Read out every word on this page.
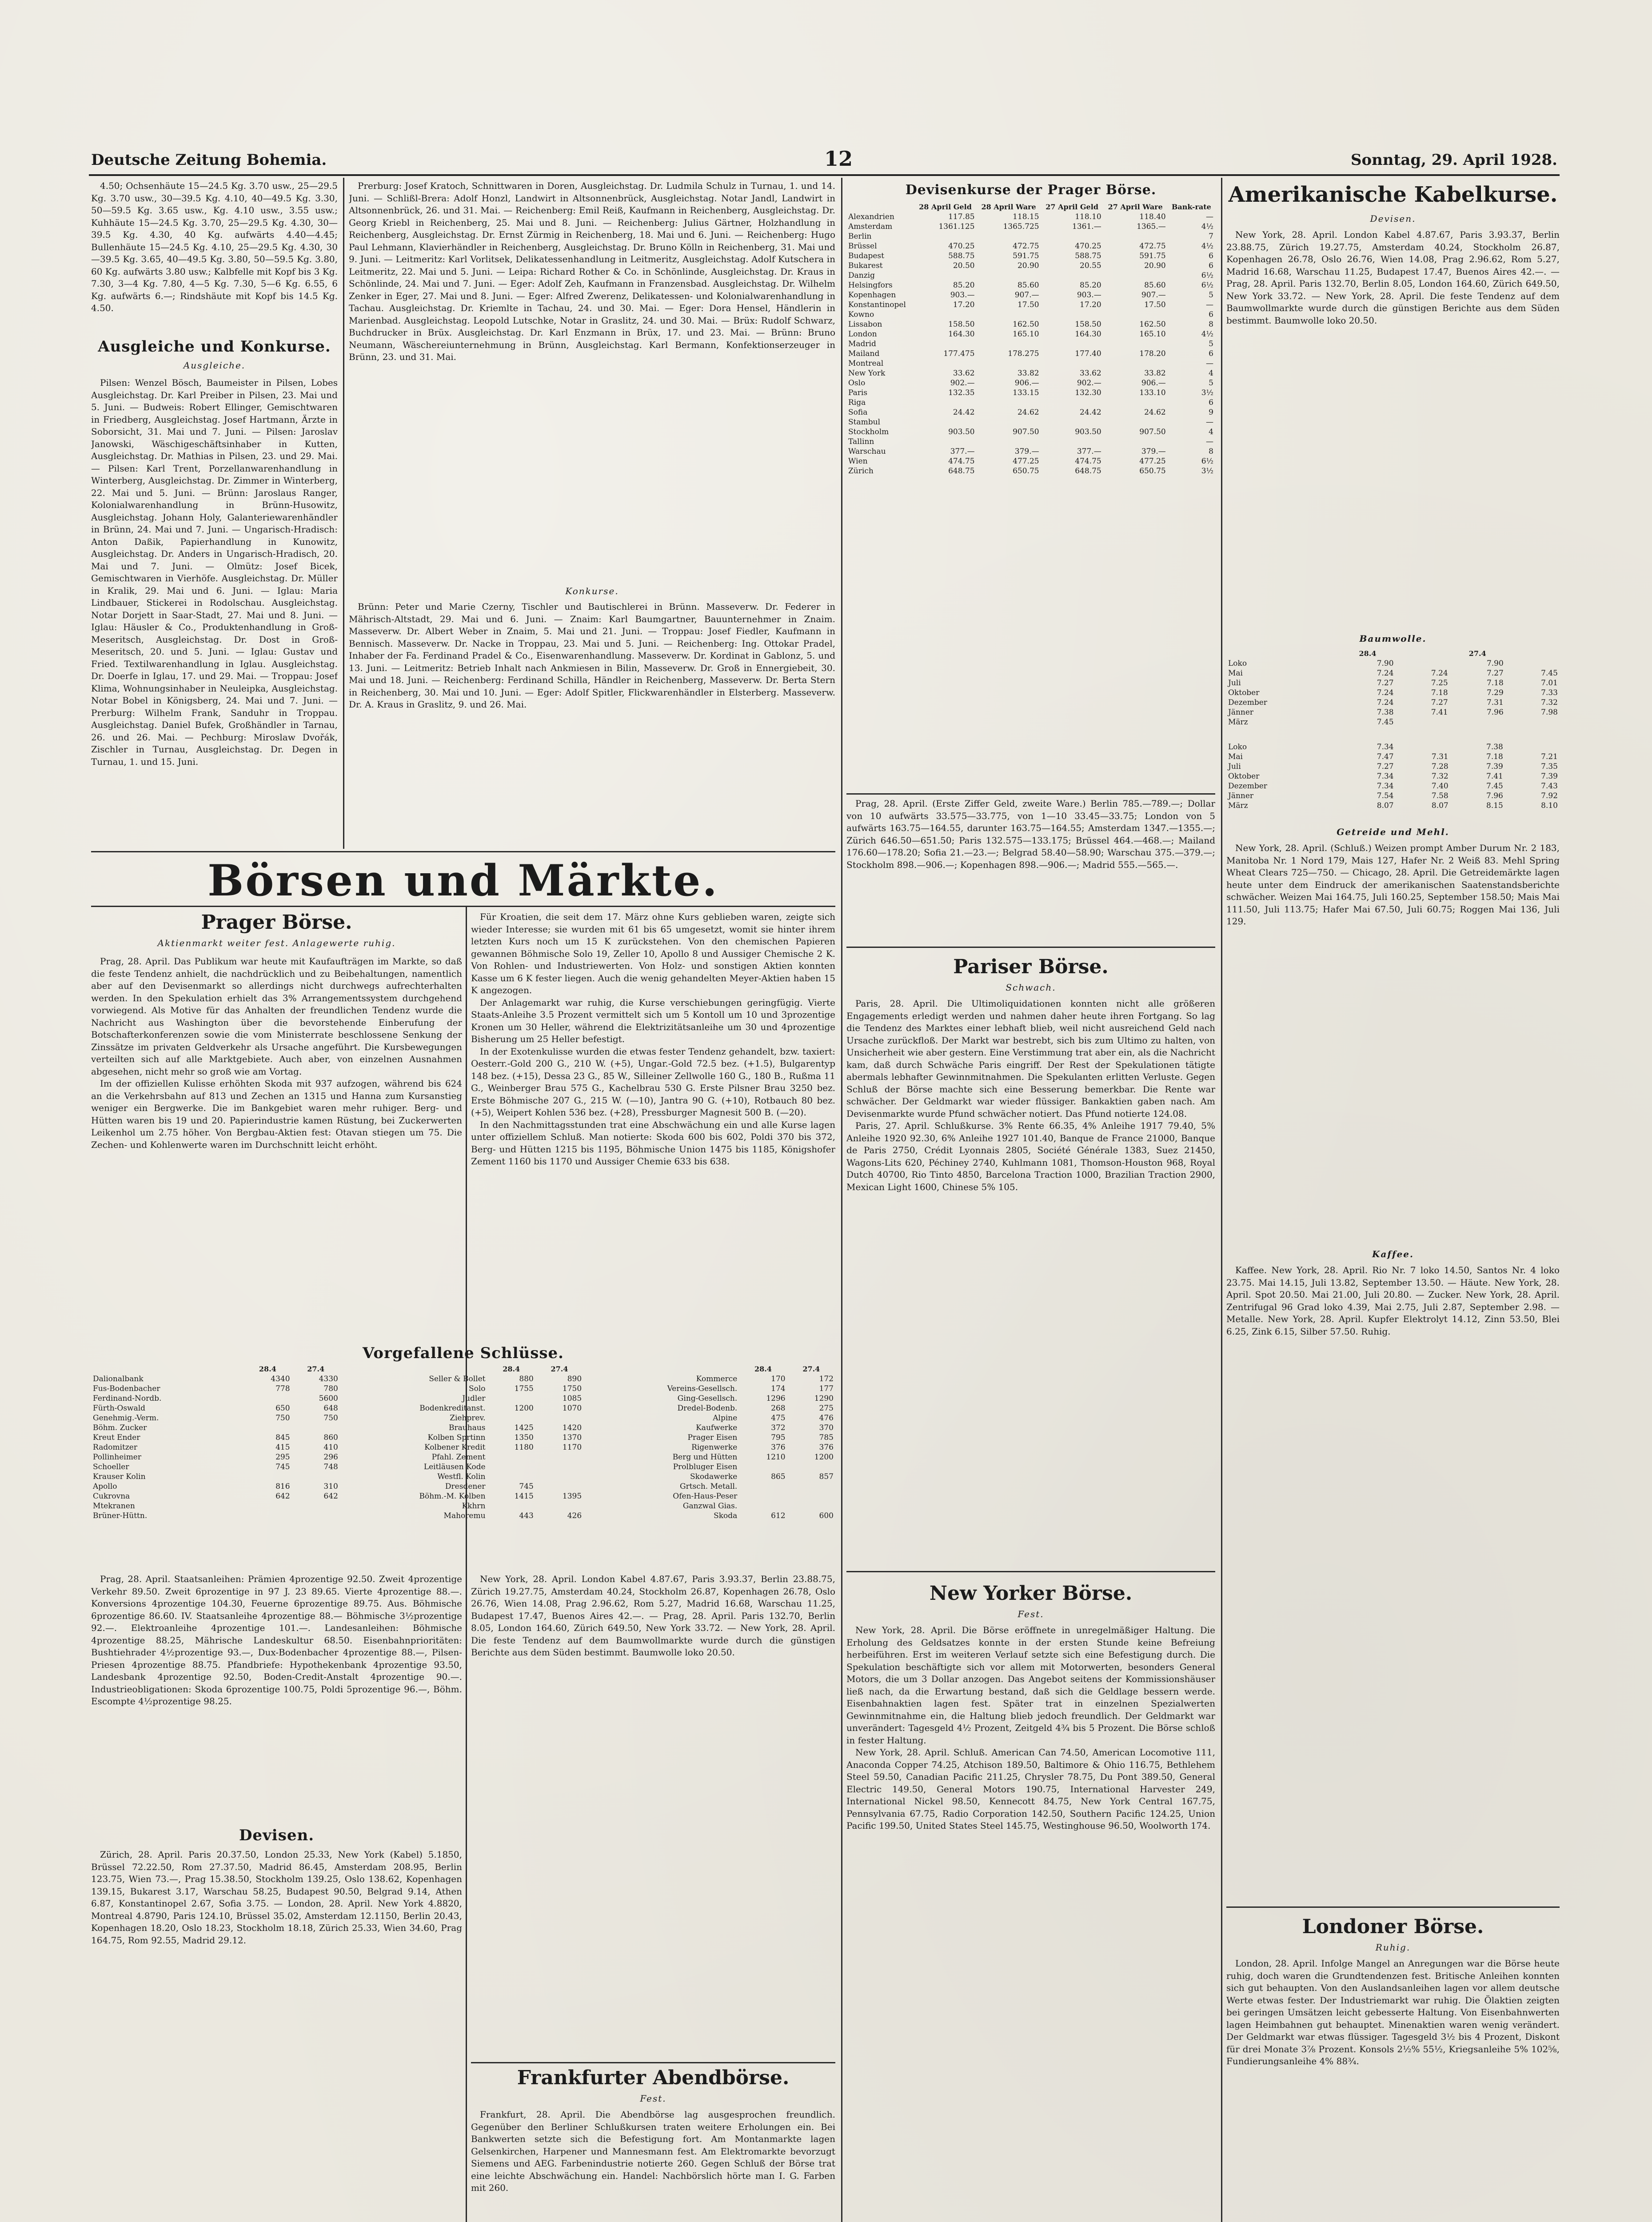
Deutsche Zeitung Bohemia.	12	Sonntag, 29. April 1928.

4.50; Ochsenhäute 15—24.5 Kg. 3.70 usw., 25—29.5 Kg. 3.70 usw., 30—39.5 Kg. 4.10, 40—49.5 Kg. 3.30, 50—59.5 Kg. 3.65 usw., Kg. 4.10 usw., 3.55 usw.; Kuhhäute 15—24.5 Kg. 3.70, 25—29.5 Kg. 4.30, 30—39.5 Kg. 4.30, 40 Kg. aufwärts 4.40—4.45; Bullenhäute 15—24.5 Kg. 4.10, 25—29.5 Kg. 4.30, 30—39.5 Kg. 3.65, 40—49.5 Kg. 3.80, 50—59.5 Kg. 3.80, 60 Kg. aufwärts 3.80 usw.; Kalbfelle mit Kopf bis 3 Kg. 7.30, 3—4 Kg. 7.80, 4—5 Kg. 7.30, 5—6 Kg. 6.55, 6 Kg. aufwärts 6.—; Rindshäute mit Kopf bis 14.5 Kg. 4.50.

Ausgleiche und Konkurse.
Ausgleiche.

Pilsen: Wenzel Bösch, Baumeister in Pilsen, Lobes Ausgleichstag. Dr. Karl Preiber in Pilsen, 23. Mai und 5. Juni. — Budweis: Robert Ellinger, Gemischtwaren in Friedberg, Ausgleichstag. Josef Hartmann, Ärzte in Soborsicht, 31. Mai und 7. Juni. — Pilsen: Jaroslav Janowski, Wäschigeschäftsinhaber in Kutten, Ausgleichstag. Dr. Mathias in Pilsen, 23. und 29. Mai. — Pilsen: Karl Trent, Porzellanwarenhandlung in Winterberg, Ausgleichstag. Dr. Zimmer in Winterberg, 22. Mai und 5. Juni. — Brünn: Jaroslaus Ranger, Kolonialwarenhandlung in Brünn-Husowitz, Ausgleichstag. Johann Holy, Galanteriewarenhändler in Brünn, 24. Mai und 7. Juni. — Ungarisch-Hradisch: Anton Daßik, Papierhandlung in Kunowitz, Ausgleichstag. Dr. Anders in Ungarisch-Hradisch, 20. Mai und 7. Juni. — Olmütz: Josef Bicek, Gemischtwaren in Vierhöfe. Ausgleichstag. Dr. Müller in Kralik, 29. Mai und 6. Juni. — Iglau: Maria Lindbauer, Stickerei in Rodolschau. Ausgleichstag. Notar Dorjett in Saar-Stadt, 27. Mai und 8. Juni. — Iglau: Häusler & Co., Produktenhandlung in Groß-Meseritsch, Ausgleichstag. Dr. Dost in Groß-Meseritsch, 20. und 5. Juni. — Iglau: Gustav und Fried. Textilwarenhandlung in Iglau. Ausgleichstag. Dr. Doerfe in Iglau, 17. und 29. Mai. — Troppau: Josef Klima, Wohnungsinhaber in Neuleipka, Ausgleichstag. Notar Bobel in Königsberg, 24. Mai und 7. Juni. — Prerburg: Wilhelm Frank, Sanduhr in Troppau. Ausgleichstag. Daniel Bufek, Großhändler in Tarnau, 26. und 26. Mai. — Pechburg: Miroslaw Dvořák, Zischler in Turnau, Ausgleichstag. Dr. Degen in Turnau, 1. und 15. Juni.

Prerburg: Josef Kratoch, Schnittwaren in Doren, Ausgleichstag. Dr. Ludmila Schulz in Turnau, 1. und 14. Juni. — Schlißl-Brera: Adolf Honzl, Landwirt in Altsonnenbrück, Ausgleichstag. Notar Jandl, Landwirt in Altsonnenbrück, 26. und 31. Mai. — Reichenberg: Emil Reiß, Kaufmann in Reichenberg, Ausgleichstag. Dr. Georg Kriebl in Reichenberg, 25. Mai und 8. Juni. — Reichenberg: Julius Gärtner, Holzhandlung in Reichenberg, Ausgleichstag. Dr. Ernst Zürmig in Reichenberg, 18. Mai und 6. Juni. — Reichenberg: Hugo Paul Lehmann, Klavierhändler in Reichenberg, Ausgleichstag. Dr. Bruno Kölln in Reichenberg, 31. Mai und 9. Juni. — Leitmeritz: Karl Vorlitsek, Delikatessenhandlung in Leitmeritz, Ausgleichstag. Adolf Kutschera in Leitmeritz, 22. Mai und 5. Juni. — Leipa: Richard Rother & Co. in Schönlinde, Ausgleichstag. Dr. Kraus in Schönlinde, 24. Mai und 7. Juni. — Eger: Adolf Zeh, Kaufmann in Franzensbad. Ausgleichstag. Dr. Wilhelm Zenker in Eger, 27. Mai und 8. Juni. — Eger: Alfred Zwerenz, Delikatessen- und Kolonialwarenhandlung in Tachau. Ausgleichstag. Dr. Kriemlte in Tachau, 24. und 30. Mai. — Eger: Dora Hensel, Händlerin in Marienbad. Ausgleichstag. Leopold Lutschke, Notar in Graslitz, 24. und 30. Mai. — Brüx: Rudolf Schwarz, Buchdrucker in Brüx. Ausgleichstag. Dr. Karl Enzmann in Brüx, 17. und 23. Mai. — Brünn: Bruno Neumann, Wäschereiunternehmung in Brünn, Ausgleichstag. Karl Bermann, Konfektionserzeuger in Brünn, 23. und 31. Mai.

Konkurse.

Brünn: Peter und Marie Czerny, Tischler und Bautischlerei in Brünn. Masseverw. Dr. Federer in Mährisch-Altstadt, 29. Mai und 6. Juni. — Znaim: Karl Baumgartner, Bauunternehmer in Znaim. Masseverw. Dr. Albert Weber in Znaim, 5. Mai und 21. Juni. — Troppau: Josef Fiedler, Kaufmann in Bennisch. Masseverw. Dr. Nacke in Troppau, 23. Mai und 5. Juni. — Reichenberg: Ing. Ottokar Pradel, Inhaber der Fa. Ferdinand Pradel & Co., Eisenwarenhandlung. Masseverw. Dr. Kordinat in Gablonz, 5. und 13. Juni. — Leitmeritz: Betrieb Inhalt nach Ankmiesen in Bilin, Masseverw. Dr. Groß in Ennergiebeit, 30. Mai und 18. Juni. — Reichenberg: Ferdinand Schilla, Händler in Reichenberg, Masseverw. Dr. Berta Stern in Reichenberg, 30. Mai und 10. Juni. — Eger: Adolf Spitler, Flickwarenhändler in Elsterberg. Masseverw. Dr. A. Kraus in Graslitz, 9. und 26. Mai.

Börsen und Märkte.
Prager Börse.
Aktienmarkt weiter fest. Anlagewerte ruhig.

Prag, 28. April. Das Publikum war heute mit Kaufaufträgen im Markte, so daß die feste Tendenz anhielt, die nachdrücklich und zu Beibehaltungen, namentlich aber auf den Devisenmarkt so allerdings nicht durchwegs aufrechterhalten werden. In den Spekulation erhielt das 3% Arrangementssystem durchgehend vorwiegend. Als Motive für das Anhalten der freundlichen Tendenz wurde die Nachricht aus Washington über die bevorstehende Einberufung der Botschafterkonferenzen sowie die vom Ministerrate beschlossene Senkung der Zinssätze im privaten Geldverkehr als Ursache angeführt. Die Kursbewegungen verteilten sich auf alle Marktgebiete. Auch aber, von einzelnen Ausnahmen abgesehen, nicht mehr so groß wie am Vortag.

Im der offiziellen Kulisse erhöhten Skoda mit 937 aufzogen, während bis 624 an die Verkehrsbahn auf 813 und Zechen an 1315 und Hanna zum Kursanstieg weniger ein Bergwerke. Die im Bankgebiet waren mehr ruhiger. Berg- und Hütten waren bis 19 und 20. Papierindustrie kamen Rüstung, bei Zuckerwerten Leikenhol um 2.75 höher. Von Bergbau-Aktien fest: Otavan stiegen um 75. Die Zechen- und Kohlenwerte waren im Durchschnitt leicht erhöht.

Für Kroatien, die seit dem 17. März ohne Kurs geblieben waren, zeigte sich wieder Interesse; sie wurden mit 61 bis 65 umgesetzt, womit sie hinter ihrem letzten Kurs noch um 15 K zurückstehen. Von den chemischen Papieren gewannen Böhmische Solo 19, Zeller 10, Apollo 8 und Aussiger Chemische 2 K. Von Rohlen- und Industriewerten. Von Holz- und sonstigen Aktien konnten Kasse um 6 K fester liegen. Auch die wenig gehandelten Meyer-Aktien haben 15 K angezogen.

Der Anlagemarkt war ruhig, die Kurse verschiebungen geringfügig. Vierte Staats-Anleihe 3.5 Prozent vermittelt sich um 5 Kontoll um 10 und 3prozentige Kronen um 30 Heller, während die Elektrizitätsanleihe um 30 und 4prozentige Bisherung um 25 Heller befestigt.

In der Exotenkulisse wurden die etwas fester Tendenz gehandelt, bzw. taxiert: Oesterr.-Gold 200 G., 210 W. (+5), Ungar.-Gold 72.5 bez. (+1.5), Bulgarentyp 148 bez. (+15), Dessa 23 G., 85 W., Silleiner Zellwolle 160 G., 180 B., Rußma 11 G., Weinberger Brau 575 G., Kachelbrau 530 G. Erste Pilsner Brau 3250 bez. Erste Böhmische 207 G., 215 W. (—10), Jantra 90 G. (+10), Rotbauch 80 bez. (+5), Weipert Kohlen 536 bez. (+28), Pressburger Magnesit 500 B. (—20).

In den Nachmittagsstunden trat eine Abschwächung ein und alle Kurse lagen unter offiziellem Schluß. Man notierte: Skoda 600 bis 602, Poldi 370 bis 372, Berg- und Hütten 1215 bis 1195, Böhmische Union 1475 bis 1185, Königshofer Zement 1160 bis 1170 und Aussiger Chemie 633 bis 638.

Vorgefallene Schlüsse.
	28.4	27.4		28.4	27.4		28.4	27.4
Dalionalbank	4340	4330	Seller & Bollet	880	890	Kommerce	170	172
Fus-Bodenbacher	778	780	Solo	1755	1750	Vereins-Gesellsch.	174	177
Ferdinand-Nordb.		5600	Judler		1085	Ging-Gesellsch.	1296	1290
Fürth-Oswald	650	648	Bodenkreditanst.	1200	1070	Dredel-Bodenb.	268	275
Genehmig.-Verm.	750	750	Ziehprev.			Alpine	475	476
Böhm. Zucker			Brauhaus	1425	1420	Kaufwerke	372	370
Kreut Ender	845	860	Kolben Sprtinn	1350	1370	Prager Eisen	795	785
Radomitzer	415	410	Kolbener Kredit	1180	1170	Rigenwerke	376	376
Pollinheimer	295	296	Pfahl. Zement			Berg und Hütten	1210	1200
Schoeller	745	748	Leitläusen Kode			Prolbluger Eisen		
Krauser Kolin			Westfl. Kolin			Skodawerke	865	857
Apollo	816	310	Dresdener	745		Grtsch. Metall.		
Cukrovna	642	642	Böhm.-M. Kolben	1415	1395	Ofen-Haus-Peser		
Mtekranen			Kkhrn			Ganzwal Gias.		
Brüner-Hüttn.			Mahoremu	443	426	Skoda	612	600

Prag, 28. April. Staatsanleihen: Prämien 4prozentige 92.50. Zweit 4prozentige Verkehr 89.50. Zweit 6prozentige in 97 J. 23 89.65. Vierte 4prozentige 88.—. Konversions 4prozentige 104.30, Feuerne 6prozentige 89.75. Aus. Böhmische 6prozentige 86.60. IV. Staatsanleihe 4prozentige 88.— Böhmische 3½prozentige 92.—. Elektroanleihe 4prozentige 101.—. Landesanleihen: Böhmische 4prozentige 88.25, Mährische Landeskultur 68.50. Eisenbahnprioritäten: Bushtiehrader 4½prozentige 93.—, Dux-Bodenbacher 4prozentige 88.—, Pilsen-Priesen 4prozentige 88.75. Pfandbriefe: Hypothekenbank 4prozentige 93.50, Landesbank 4prozentige 92.50, Boden-Credit-Anstalt 4prozentige 90.—. Industrieobligationen: Skoda 6prozentige 100.75, Poldi 5prozentige 96.—, Böhm. Escompte 4½prozentige 98.25.

Devisen.

Zürich, 28. April. Paris 20.37.50, London 25.33, New York (Kabel) 5.1850, Brüssel 72.22.50, Rom 27.37.50, Madrid 86.45, Amsterdam 208.95, Berlin 123.75, Wien 73.—, Prag 15.38.50, Stockholm 139.25, Oslo 138.62, Kopenhagen 139.15, Bukarest 3.17, Warschau 58.25, Budapest 90.50, Belgrad 9.14, Athen 6.87, Konstantinopel 2.67, Sofia 3.75. — London, 28. April. New York 4.8820, Montreal 4.8790, Paris 124.10, Brüssel 35.02, Amsterdam 12.1150, Berlin 20.43, Kopenhagen 18.20, Oslo 18.23, Stockholm 18.18, Zürich 25.33, Wien 34.60, Prag 164.75, Rom 92.55, Madrid 29.12.

New York, 28. April. London Kabel 4.87.67, Paris 3.93.37, Berlin 23.88.75, Zürich 19.27.75, Amsterdam 40.24, Stockholm 26.87, Kopenhagen 26.78, Oslo 26.76, Wien 14.08, Prag 2.96.62, Rom 5.27, Madrid 16.68, Warschau 11.25, Budapest 17.47, Buenos Aires 42.—. — Prag, 28. April. Paris 132.70, Berlin 8.05, London 164.60, Zürich 649.50, New York 33.72. — New York, 28. April. Die feste Tendenz auf dem Baumwollmarkte wurde durch die günstigen Berichte aus dem Süden bestimmt. Baumwolle loko 20.50.

Frankfurter Abendbörse.
Fest.

Frankfurt, 28. April. Die Abendbörse lag ausgesprochen freundlich. Gegenüber den Berliner Schlußkursen traten weitere Erholungen ein. Bei Bankwerten setzte sich die Befestigung fort. Am Montanmarkte lagen Gelsenkirchen, Harpener und Mannesmann fest. Am Elektromarkte bevorzugt Siemens und AEG. Farbenindustrie notierte 260. Gegen Schluß der Börse trat eine leichte Abschwächung ein. Handel: Nachbörslich hörte man I. G. Farben mit 260.

Devisenkurse der Prager Börse.
	28 April Geld	28 April Ware	27 April Geld	27 April Ware	Bank-rate
Alexandrien	117.85	118.15	118.10	118.40	—
Amsterdam	1361.125	1365.725	1361.—	1365.—	4½
Berlin					7
Brüssel	470.25	472.75	470.25	472.75	4½
Budapest	588.75	591.75	588.75	591.75	6
Bukarest	20.50	20.90	20.55	20.90	6
Danzig					6½
Helsingfors	85.20	85.60	85.20	85.60	6½
Kopenhagen	903.—	907.—	903.—	907.—	5
Konstantinopel	17.20	17.50	17.20	17.50	—
Kowno					6
Lissabon	158.50	162.50	158.50	162.50	8
London	164.30	165.10	164.30	165.10	4½
Madrid					5
Mailand	177.475	178.275	177.40	178.20	6
Montreal					—
New York	33.62	33.82	33.62	33.82	4
Oslo	902.—	906.—	902.—	906.—	5
Paris	132.35	133.15	132.30	133.10	3½
Riga					6
Sofia	24.42	24.62	24.42	24.62	9
Stambul					—
Stockholm	903.50	907.50	903.50	907.50	4
Tallinn					—
Warschau	377.—	379.—	377.—	379.—	8
Wien	474.75	477.25	474.75	477.25	6½
Zürich	648.75	650.75	648.75	650.75	3½

Prag, 28. April. (Erste Ziffer Geld, zweite Ware.) Berlin 785.—789.—; Dollar von 10 aufwärts 33.575—33.775, von 1—10 33.45—33.75; London von 5 aufwärts 163.75—164.55, darunter 163.75—164.55; Amsterdam 1347.—1355.—; Zürich 646.50—651.50; Paris 132.575—133.175; Brüssel 464.—468.—; Mailand 176.60—178.20; Sofia 21.—23.—; Belgrad 58.40—58.90; Warschau 375.—379.—; Stockholm 898.—906.—; Kopenhagen 898.—906.—; Madrid 555.—565.—.

Pariser Börse.
Schwach.

Paris, 28. April. Die Ultimoliquidationen konnten nicht alle größeren Engagements erledigt werden und nahmen daher heute ihren Fortgang. So lag die Tendenz des Marktes einer lebhaft blieb, weil nicht ausreichend Geld nach Ursache zurückfloß. Der Markt war bestrebt, sich bis zum Ultimo zu halten, von Unsicherheit wie aber gestern. Eine Verstimmung trat aber ein, als die Nachricht kam, daß durch Schwäche Paris eingriff. Der Rest der Spekulationen tätigte abermals lebhafter Gewinnmitnahmen. Die Spekulanten erlitten Verluste. Gegen Schluß der Börse machte sich eine Besserung bemerkbar. Die Rente war schwächer. Der Geldmarkt war wieder flüssiger. Bankaktien gaben nach. Am Devisenmarkte wurde Pfund schwächer notiert. Das Pfund notierte 124.08.

Paris, 27. April. Schlußkurse. 3% Rente 66.35, 4% Anleihe 1917 79.40, 5% Anleihe 1920 92.30, 6% Anleihe 1927 101.40, Banque de France 21000, Banque de Paris 2750, Crédit Lyonnais 2805, Société Générale 1383, Suez 21450, Wagons-Lits 620, Péchiney 2740, Kuhlmann 1081, Thomson-Houston 968, Royal Dutch 40700, Rio Tinto 4850, Barcelona Traction 1000, Brazilian Traction 2900, Mexican Light 1600, Chinese 5% 105.

New Yorker Börse.
Fest.

New York, 28. April. Die Börse eröffnete in unregelmäßiger Haltung. Die Erholung des Geldsatzes konnte in der ersten Stunde keine Befreiung herbeiführen. Erst im weiteren Verlauf setzte sich eine Befestigung durch. Die Spekulation beschäftigte sich vor allem mit Motorwerten, besonders General Motors, die um 3 Dollar anzogen. Das Angebot seitens der Kommissionshäuser ließ nach, da die Erwartung bestand, daß sich die Geldlage bessern werde. Eisenbahnaktien lagen fest. Später trat in einzelnen Spezialwerten Gewinnmitnahme ein, die Haltung blieb jedoch freundlich. Der Geldmarkt war unverändert: Tagesgeld 4½ Prozent, Zeitgeld 4¾ bis 5 Prozent. Die Börse schloß in fester Haltung.

New York, 28. April. Schluß. American Can 74.50, American Locomotive 111, Anaconda Copper 74.25, Atchison 189.50, Baltimore & Ohio 116.75, Bethlehem Steel 59.50, Canadian Pacific 211.25, Chrysler 78.75, Du Pont 389.50, General Electric 149.50, General Motors 190.75, International Harvester 249, International Nickel 98.50, Kennecott 84.75, New York Central 167.75, Pennsylvania 67.75, Radio Corporation 142.50, Southern Pacific 124.25, Union Pacific 199.50, United States Steel 145.75, Westinghouse 96.50, Woolworth 174.

Amerikanische Kabelkurse.
Devisen.

New York, 28. April. London Kabel 4.87.67, Paris 3.93.37, Berlin 23.88.75, Zürich 19.27.75, Amsterdam 40.24, Stockholm 26.87, Kopenhagen 26.78, Oslo 26.76, Wien 14.08, Prag 2.96.62, Rom 5.27, Madrid 16.68, Warschau 11.25, Budapest 17.47, Buenos Aires 42.—. — Prag, 28. April. Paris 132.70, Berlin 8.05, London 164.60, Zürich 649.50, New York 33.72. — New York, 28. April. Die feste Tendenz auf dem Baumwollmarkte wurde durch die günstigen Berichte aus dem Süden bestimmt. Baumwolle loko 20.50.

Baumwolle.
	28.4		27.4	
Loko	7.90		7.90	
Mai	7.24	7.24	7.27	7.45
Juli	7.27	7.25	7.18	7.01
Oktober	7.24	7.18	7.29	7.33
Dezember	7.24	7.27	7.31	7.32
Jänner	7.38	7.41	7.96	7.98
März	7.45			
Loko	7.34		7.38	
Mai	7.47	7.31	7.18	7.21
Juli	7.27	7.28	7.39	7.35
Oktober	7.34	7.32	7.41	7.39
Dezember	7.34	7.40	7.45	7.43
Jänner	7.54	7.58	7.96	7.92
März	8.07	8.07	8.15	8.10
Getreide und Mehl.

New York, 28. April. (Schluß.) Weizen prompt Amber Durum Nr. 2 183, Manitoba Nr. 1 Nord 179, Mais 127, Hafer Nr. 2 Weiß 83. Mehl Spring Wheat Clears 725—750. — Chicago, 28. April. Die Getreidemärkte lagen heute unter dem Eindruck der amerikanischen Saatenstandsberichte schwächer. Weizen Mai 164.75, Juli 160.25, September 158.50; Mais Mai 111.50, Juli 113.75; Hafer Mai 67.50, Juli 60.75; Roggen Mai 136, Juli 129.

Kaffee.

Kaffee. New York, 28. April. Rio Nr. 7 loko 14.50, Santos Nr. 4 loko 23.75. Mai 14.15, Juli 13.82, September 13.50. — Häute. New York, 28. April. Spot 20.50. Mai 21.00, Juli 20.80. — Zucker. New York, 28. April. Zentrifugal 96 Grad loko 4.39, Mai 2.75, Juli 2.87, September 2.98. — Metalle. New York, 28. April. Kupfer Elektrolyt 14.12, Zinn 53.50, Blei 6.25, Zink 6.15, Silber 57.50. Ruhig.

Londoner Börse.
Ruhig.

London, 28. April. Infolge Mangel an Anregungen war die Börse heute ruhig, doch waren die Grundtendenzen fest. Britische Anleihen konnten sich gut behaupten. Von den Auslandsanleihen lagen vor allem deutsche Werte etwas fester. Der Industriemarkt war ruhig. Die Ölaktien zeigten bei geringen Umsätzen leicht gebesserte Haltung. Von Eisenbahnwerten lagen Heimbahnen gut behauptet. Minenaktien waren wenig verändert. Der Geldmarkt war etwas flüssiger. Tagesgeld 3½ bis 4 Prozent, Diskont für drei Monate 3⅞ Prozent. Konsols 2½% 55½, Kriegsanleihe 5% 102⅝, Fundierungsanleihe 4% 88¾.
